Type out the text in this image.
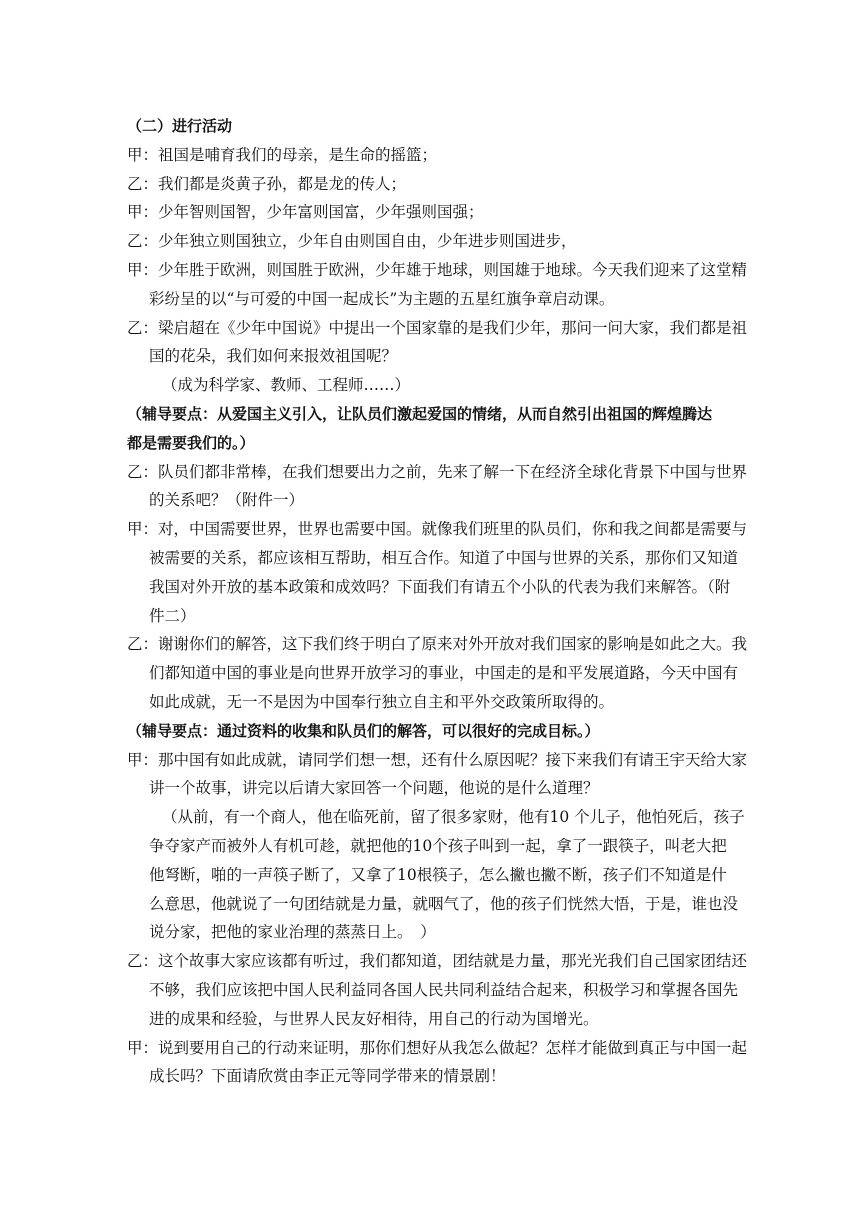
（二）进行活动
甲：祖国是哺育我们的母亲，是生命的摇篮；
乙：我们都是炎黄子孙，都是龙的传人；
甲：少年智则国智，少年富则国富，少年强则国强；
乙：少年独立则国独立，少年自由则国自由，少年进步则国进步，
甲：少年胜于欧洲，则国胜于欧洲，少年雄于地球，则国雄于地球。今天我们迎来了这堂精
彩纷呈的以“与可爱的中国一起成长”为主题的五星红旗争章启动课。
乙：梁启超在《少年中国说》中提出一个国家靠的是我们少年，那问一问大家，我们都是祖
国的花朵，我们如何来报效祖国呢？
（成为科学家、教师、工程师……）
（辅导要点：从爱国主义引入，让队员们激起爱国的情绪，从而自然引出祖国的辉煌腾达
都是需要我们的。）
乙：队员们都非常棒，在我们想要出力之前，先来了解一下在经济全球化背景下中国与世界
的关系吧？（附件一）
甲：对，中国需要世界，世界也需要中国。就像我们班里的队员们，你和我之间都是需要与
被需要的关系，都应该相互帮助，相互合作。知道了中国与世界的关系，那你们又知道
我国对外开放的基本政策和成效吗？下面我们有请五个小队的代表为我们来解答。（附
件二）
乙：谢谢你们的解答，这下我们终于明白了原来对外开放对我们国家的影响是如此之大。我
们都知道中国的事业是向世界开放学习的事业，中国走的是和平发展道路，今天中国有
如此成就，无一不是因为中国奉行独立自主和平外交政策所取得的。
（辅导要点：通过资料的收集和队员们的解答，可以很好的完成目标。）
甲：那中国有如此成就，请同学们想一想，还有什么原因呢？接下来我们有请王宇天给大家
讲一个故事，讲完以后请大家回答一个问题，他说的是什么道理？
（从前，有一个商人，他在临死前，留了很多家财，他有10 个儿子，他怕死后，孩子
争夺家产而被外人有机可趁，就把他的10个孩子叫到一起，拿了一跟筷子，叫老大把
他弩断，啪的一声筷子断了，又拿了10根筷子，怎么撇也撇不断，孩子们不知道是什
么意思，他就说了一句团结就是力量，就咽气了，他的孩子们恍然大悟，于是，谁也没
说分家，把他的家业治理的蒸蒸日上。　）
乙：这个故事大家应该都有听过，我们都知道，团结就是力量，那光光我们自己国家团结还
不够，我们应该把中国人民利益同各国人民共同利益结合起来，积极学习和掌握各国先
进的成果和经验，与世界人民友好相待，用自己的行动为国增光。
甲：说到要用自己的行动来证明，那你们想好从我怎么做起？怎样才能做到真正与中国一起
成长吗？下面请欣赏由李正元等同学带来的情景剧！
